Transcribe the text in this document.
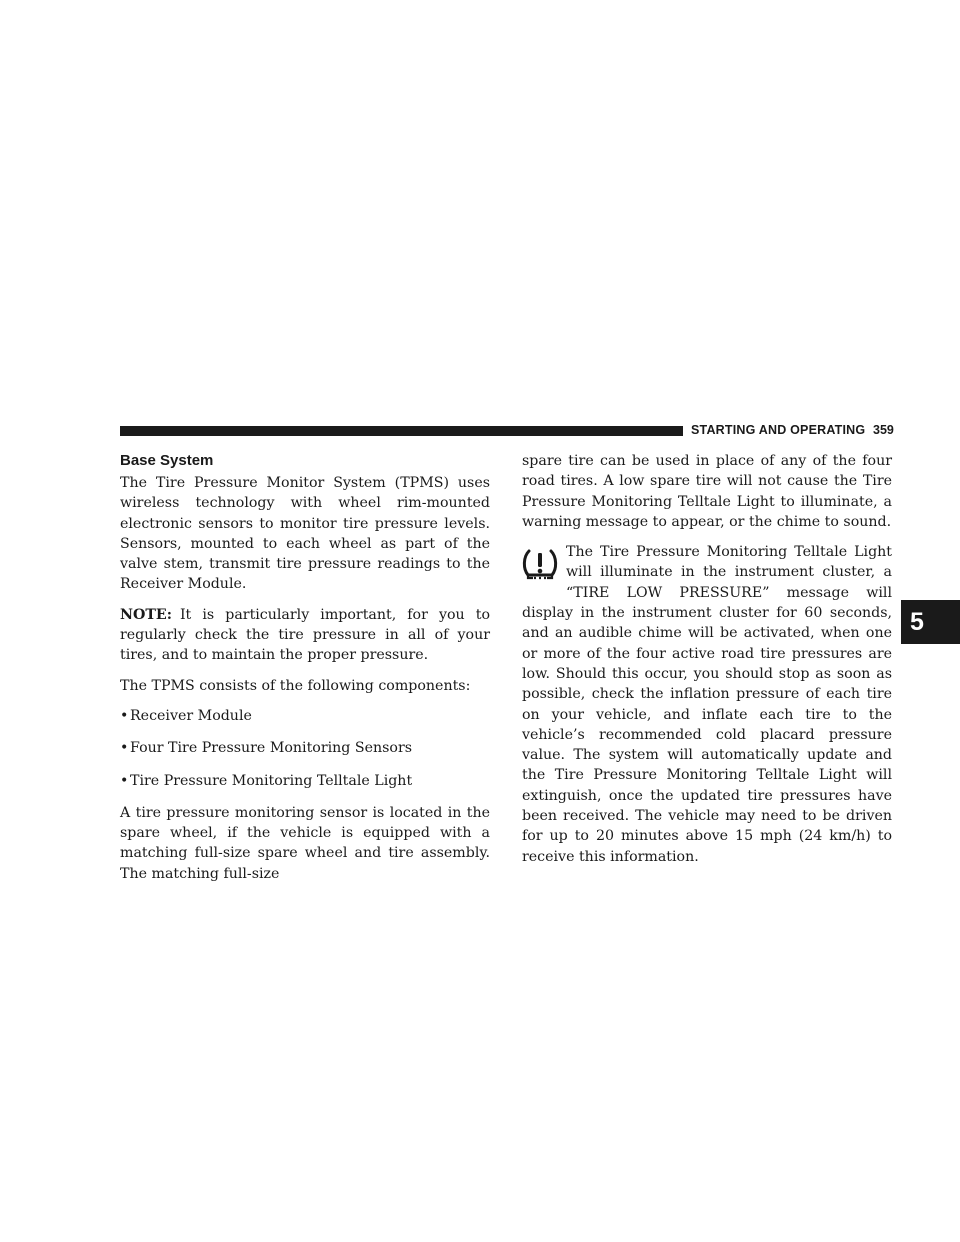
STARTING AND OPERATING 359
5
Base System

The Tire Pressure Monitor System (TPMS) uses wireless technology with wheel rim-mounted electronic sensors to monitor tire pressure levels. Sensors, mounted to each wheel as part of the valve stem, transmit tire pressure readings to the Receiver Module.

NOTE: It is particularly important, for you to regularly check the tire pressure in all of your tires, and to maintain the proper pressure.

The TPMS consists of the following components:

• Receiver Module
• Four Tire Pressure Monitoring Sensors
• Tire Pressure Monitoring Telltale Light

A tire pressure monitoring sensor is located in the spare wheel, if the vehicle is equipped with a matching full-size spare wheel and tire assembly. The matching full-size

spare tire can be used in place of any of the four road tires. A low spare tire will not cause the Tire Pressure Monitoring Telltale Light to illuminate, a warning message to appear, or the chime to sound.

The Tire Pressure Monitoring Telltale Light will illuminate in the instrument cluster, a “TIRE LOW PRESSURE” message will display in the instrument cluster for 60 seconds, and an audible chime will be activated, when one or more of the four active road tire pressures are low. Should this occur, you should stop as soon as possible, check the inflation pressure of each tire on your vehicle, and inflate each tire to the vehicle’s recommended cold placard pressure value. The system will automatically update and the Tire Pressure Monitoring Telltale Light will extinguish, once the updated tire pressures have been received. The vehicle may need to be driven for up to 20 minutes above 15 mph (24 km/h) to receive this information.
